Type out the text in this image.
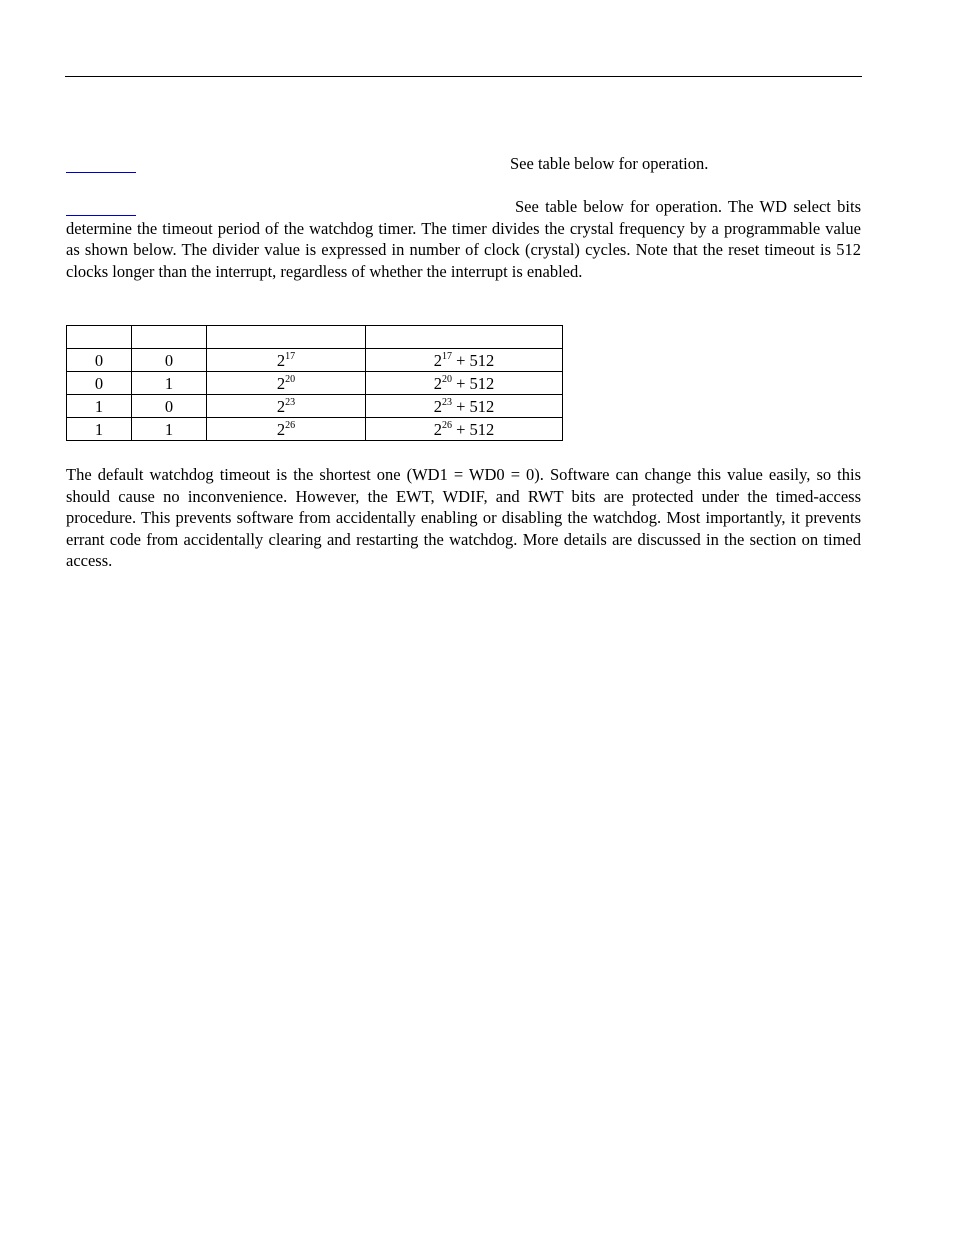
See table below for operation.
See table below for operation. The WD select bits determine the timeout period of the watchdog timer. The timer divides the crystal frequency by a programmable value as shown below. The divider value is expressed in number of clock (crystal) cycles. Note that the reset timeout is 512 clocks longer than the interrupt, regardless of whether the interrupt is enabled.

0	0	$2^{17}$	$2^{17} + 512$
0	1	$2^{20}$	$2^{20} + 512$
1	0	$2^{23}$	$2^{23} + 512$
1	1	$2^{26}$	$2^{26} + 512$
The default watchdog timeout is the shortest one (WD1 = WD0 = 0). Software can change this value easily, so this should cause no inconvenience. However, the EWT, WDIF, and RWT bits are protected under the timed-access procedure. This prevents software from accidentally enabling or disabling the watchdog. Most importantly, it prevents errant code from accidentally clearing and restarting the watchdog. More details are discussed in the section on timed access.
